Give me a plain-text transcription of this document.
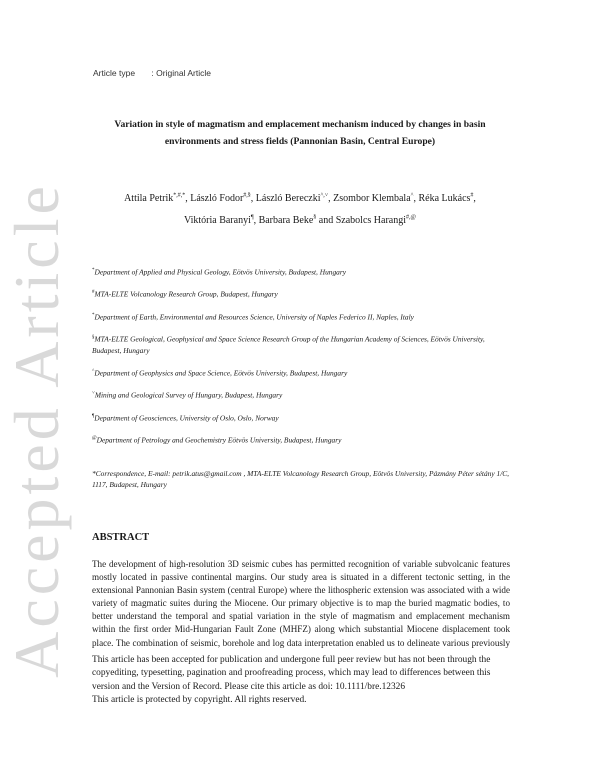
Accepted Article
Article type : Original Article
Variation in style of magmatism and emplacement mechanism induced by changes in basin environments and stress fields (Pannonian Basin, Central Europe)
Attila Petrik*,#,*, László Fodor#,§, László Bereczki^,˅, Zsombor Klembala^, Réka Lukács#,
Viktória Baranyi¶, Barbara Beke§ and Szabolcs Harangi#,@
*Department of Applied and Physical Geology, Eötvös University, Budapest, Hungary
#MTA-ELTE Volcanology Research Group, Budapest, Hungary
*Department of Earth, Environmental and Resources Science, University of Naples Federico II, Naples, Italy
§MTA-ELTE Geological, Geophysical and Space Science Research Group of the Hungarian Academy of Sciences, Eötvös University, Budapest, Hungary
^Department of Geophysics and Space Science, Eötvös University, Budapest, Hungary
˅Mining and Geological Survey of Hungary, Budapest, Hungary
¶Department of Geosciences, University of Oslo, Oslo, Norway
@Department of Petrology and Geochemistry Eötvös University, Budapest, Hungary
*Correspondence, E-mail: petrik.atus@gmail.com , MTA-ELTE Volcanology Research Group, Eötvös University, Pázmány Péter sétány 1/C, 1117, Budapest, Hungary
ABSTRACT
The development of high-resolution 3D seismic cubes has permitted recognition of variable subvolcanic features mostly located in passive continental margins. Our study area is situated in a different tectonic setting, in the extensional Pannonian Basin system (central Europe) where the lithospheric extension was associated with a wide variety of magmatic suites during the Miocene. Our primary objective is to map the buried magmatic bodies, to better understand the temporal and spatial variation in the style of magmatism and emplacement mechanism within the first order Mid-Hungarian Fault Zone (MHFZ) along which substantial Miocene displacement took place. The combination of seismic, borehole and log data interpretation enabled us to delineate various previously
This article has been accepted for publication and undergone full peer review but has not been through the copyediting, typesetting, pagination and proofreading process, which may lead to differences between this version and the Version of Record. Please cite this article as doi: 10.1111/bre.12326
This article is protected by copyright. All rights reserved.
